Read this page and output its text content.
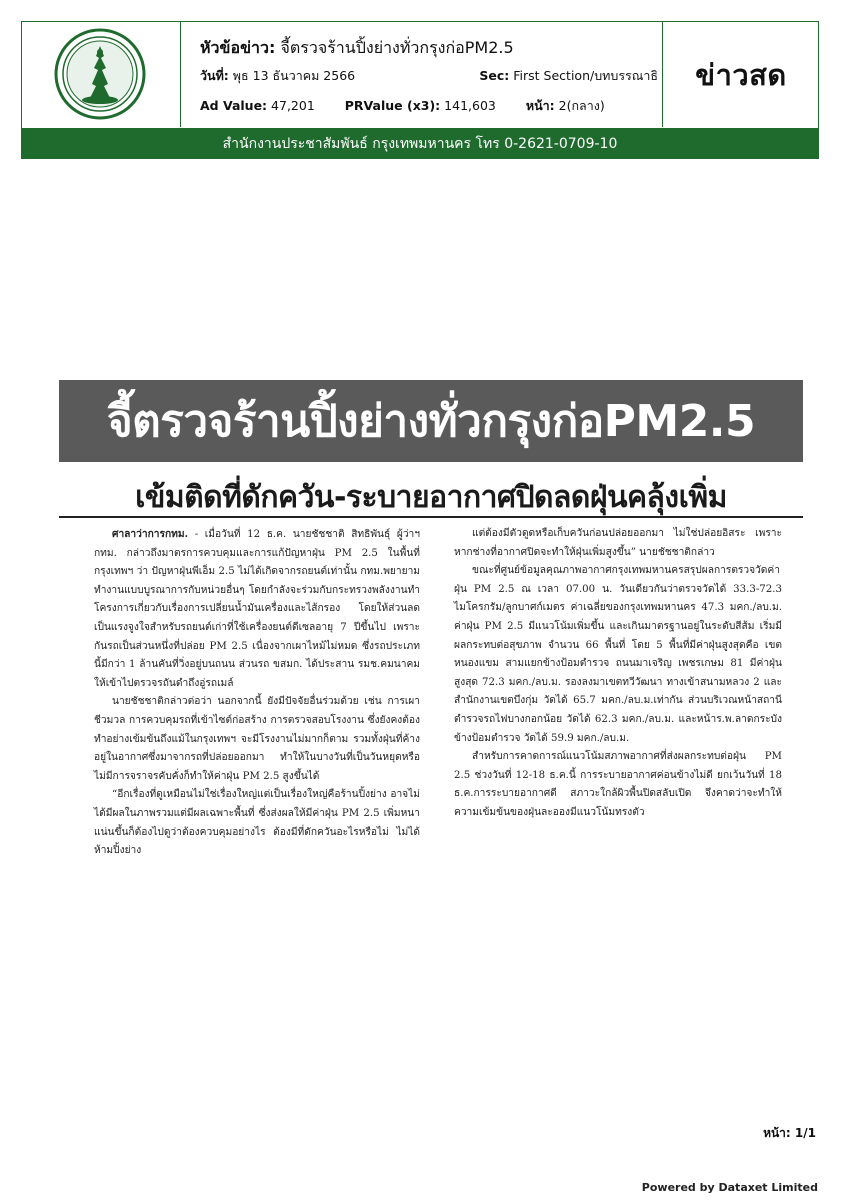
หัวข้อข่าว: จี้ตรวจร้านปิ้งย่างทั่วกรุงก่อPM2.5
วันที่: พุธ 13 ธันวาคม 2566	Sec: First Section/บทบรรณาธิ
Ad Value: 47,201 PRValue (x3): 141,603 หน้า: 2(กลาง)
ข่าวสด
สำนักงานประชาสัมพันธ์ กรุงเทพมหานคร โทร 0-2621-0709-10
จี้ตรวจร้านปิ้งย่างทั่วกรุงก่อPM2.5
เข้มติดที่ดักควัน-ระบายอากาศปิดลดฝุ่นคลุ้งเพิ่ม

ศาลาว่าการกทม. - เมื่อวันที่ 12 ธ.ค. นายชัชชาติ สิทธิพันธุ์ ผู้ว่าฯ กทม. กล่าวถึงมาตรการควบคุมและการแก้ปัญหาฝุ่น PM 2.5 ในพื้นที่กรุงเทพฯ ว่า ปัญหาฝุ่นพีเอ็ม 2.5 ไม่ได้เกิดจากรถยนต์เท่านั้น กทม.พยายามทำงานแบบบูรณาการกับหน่วยอื่นๆ โดยกำลังจะร่วมกับกระทรวงพลังงานทำโครงการเกี่ยวกับเรื่องการเปลี่ยนน้ำมันเครื่องและไส้กรอง โดยให้ส่วนลดเป็นแรงจูงใจสำหรับรถยนต์เก่าที่ใช้เครื่องยนต์ดีเซลอายุ 7 ปีขึ้นไป เพราะกันรถเป็นส่วนหนึ่งที่ปล่อย PM 2.5 เนื่องจากเผาไหม้ไม่หมด ซึ่งรถประเภทนี้มีกว่า 1 ล้านคันที่วิ่งอยู่บนถนน ส่วนรถ ขสมก. ได้ประสาน รมช.คมนาคม ให้เข้าไปตรวจรถันดำถึงอู่รถเมล์

นายชัชชาติกล่าวต่อว่า นอกจากนี้ ยังมีปัจจัยอื่นร่วมด้วย เช่น การเผาชีวมวล การควบคุมรถที่เข้าไซต์ก่อสร้าง การตรวจสอบโรงงาน ซึ่งยังคงต้องทำอย่างเข้มข้นถึงแม้ในกรุงเทพฯ จะมีโรงงานไม่มากก็ตาม รวมทั้งฝุ่นที่ค้างอยู่ในอากาศซึ่งมาจากรถที่ปล่อยออกมา ทำให้ในบางวันที่เป็นวันหยุดหรือไม่มีการจราจรคับคั่งก็ทำให้ค่าฝุ่น PM 2.5 สูงขึ้นได้

“อีกเรื่องที่ดูเหมือนไม่ใช่เรื่องใหญ่แต่เป็นเรื่องใหญ่คือร้านปิ้งย่าง อาจไม่ได้มีผลในภาพรวมแต่มีผลเฉพาะพื้นที่ ซึ่งส่งผลให้มีค่าฝุ่น PM 2.5 เพิ่มหนาแน่นขึ้นก็ต้องไปดูว่าต้องควบคุมอย่างไร ต้องมีที่ดักควันอะไรหรือไม่ ไม่ได้ห้ามปิ้งย่าง

แต่ต้องมีตัวดูดหรือเก็บควันก่อนปล่อยออกมา ไม่ใช่ปล่อยอิสระ เพราะหากช่างที่อากาศปิดจะทำให้ฝุ่นเพิ่มสูงขึ้น” นายชัชชาติกล่าว

ขณะที่ศูนย์ข้อมูลคุณภาพอากาศกรุงเทพมหานครสรุปผลการตรวจวัดค่าฝุ่น PM 2.5 ณ เวลา 07.00 น. วันเดียวกันว่าตรวจวัดได้ 33.3-72.3 ไมโครกรัม/ลูกบาศก์เมตร ค่าเฉลี่ยของกรุงเทพมหานคร 47.3 มคก./ลบ.ม. ค่าฝุ่น PM 2.5 มีแนวโน้มเพิ่มขึ้น และเกินมาตรฐานอยู่ในระดับสีส้ม เริ่มมีผลกระทบต่อสุขภาพ จำนวน 66 พื้นที่ โดย 5 พื้นที่มีค่าฝุ่นสูงสุดคือ เขตหนองแขม สามแยกข้างป้อมตำรวจ ถนนมาเจริญ เพชรเกษม 81 มีค่าฝุ่นสูงสุด 72.3 มคก./ลบ.ม. รองลงมาเขตทวีวัฒนา ทางเข้าสนามหลวง 2 และสำนักงานเขตบึงกุ่ม วัดได้ 65.7 มคก./ลบ.ม.เท่ากัน ส่วนบริเวณหน้าสถานีตำรวจรถไฟบางกอกน้อย วัดได้ 62.3 มคก./ลบ.ม. และหน้าร.พ.ลาดกระบังข้างป้อมตำรวจ วัดได้ 59.9 มคก./ลบ.ม.

สำหรับการคาดการณ์แนวโน้มสภาพอากาศที่ส่งผลกระทบต่อฝุ่น PM 2.5 ช่วงวันที่ 12-18 ธ.ค.นี้ การระบายอากาศค่อนข้างไม่ดี ยกเว้นวันที่ 18 ธ.ค.การระบายอากาศดี สภาวะใกล้ผิวพื้นปิดสลับเปิด จึงคาดว่าจะทำให้ความเข้มข้นของฝุ่นละอองมีแนวโน้มทรงตัว

หน้า: 1/1
Powered by Dataxet Limited
